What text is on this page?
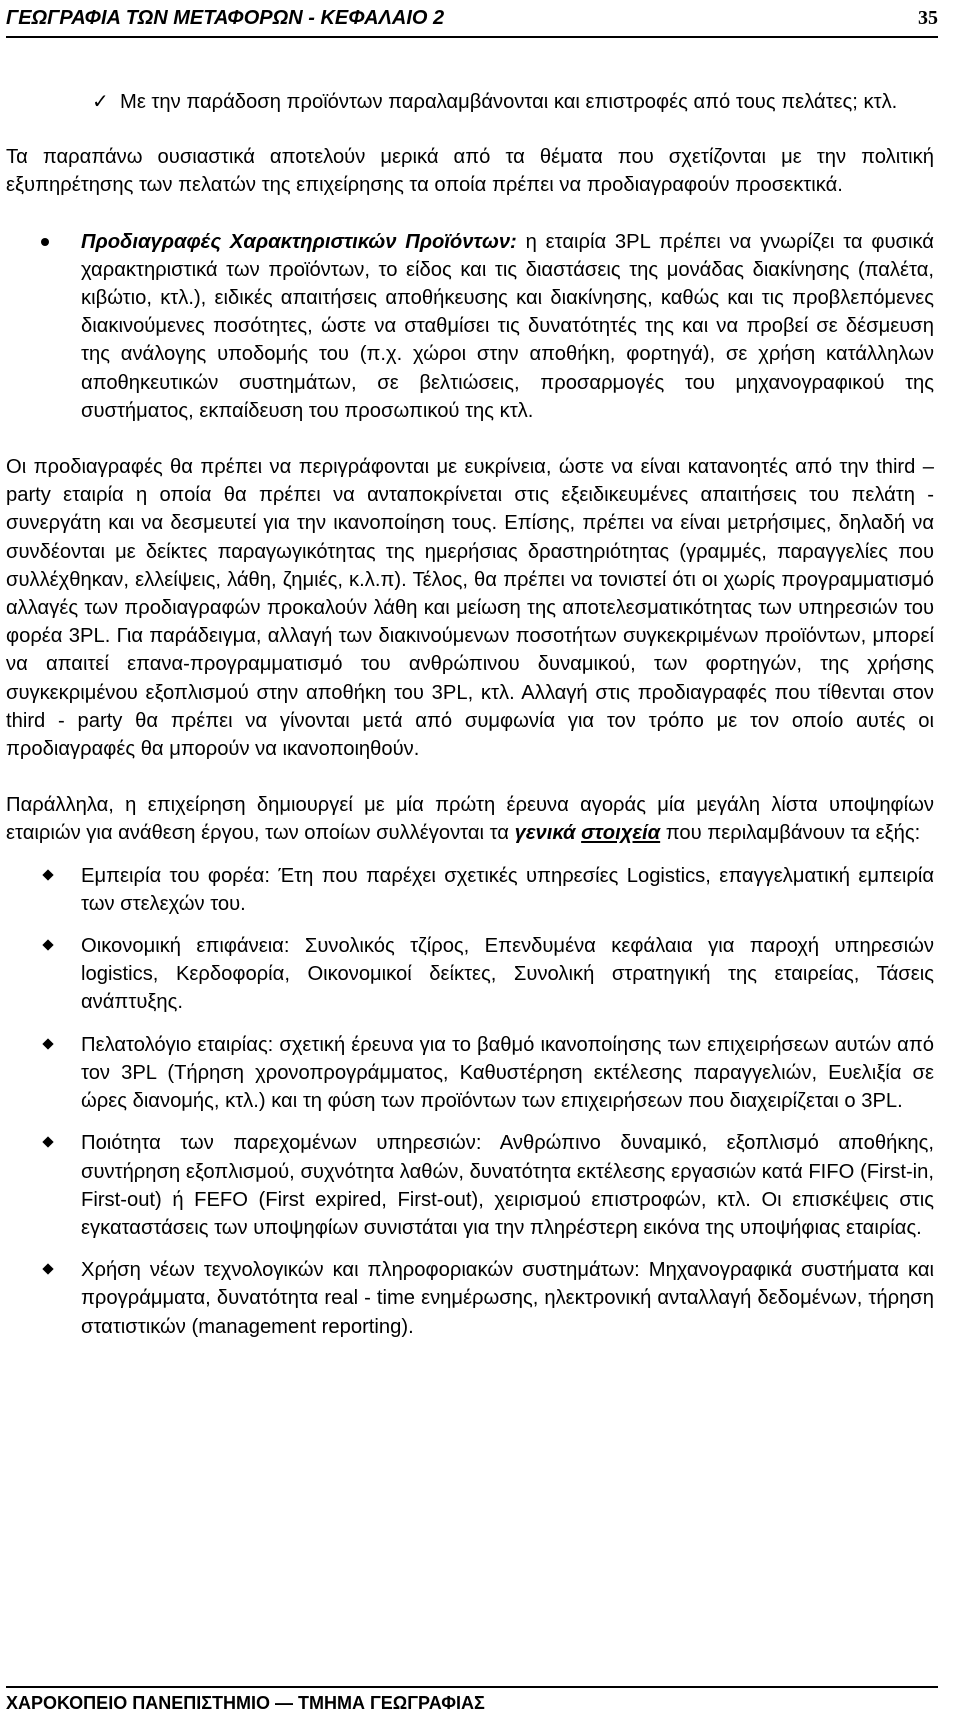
ΓΕΩΓΡΑΦΙΑ ΤΩΝ ΜΕΤΑΦΟΡΩΝ - ΚΕΦΑΛΑΙΟ 2	35

✓ Με την παράδοση προϊόντων παραλαμβάνονται και επιστροφές από τους πελάτες; κτλ.

Τα παραπάνω ουσιαστικά αποτελούν μερικά από τα θέματα που σχετίζονται με την πολιτική εξυπηρέτησης των πελατών της επιχείρησης τα οποία πρέπει να προδιαγραφούν προσεκτικά.

Προδιαγραφές Χαρακτηριστικών Προϊόντων: η εταιρία 3PL πρέπει να γνωρίζει τα φυσικά χαρακτηριστικά των προϊόντων, το είδος και τις διαστάσεις της μονάδας διακίνησης (παλέτα, κιβώτιο, κτλ.), ειδικές απαιτήσεις αποθήκευσης και διακίνησης, καθώς και τις προβλεπόμενες διακινούμενες ποσότητες, ώστε να σταθμίσει τις δυνατότητές της και να προβεί σε δέσμευση της ανάλογης υποδομής του (π.χ. χώροι στην αποθήκη, φορτηγά), σε χρήση κατάλληλων αποθηκευτικών συστημάτων, σε βελτιώσεις, προσαρμογές του μηχανογραφικού της συστήματος, εκπαίδευση του προσωπικού της κτλ.

Οι προδιαγραφές θα πρέπει να περιγράφονται με ευκρίνεια, ώστε να είναι κατανοητές από την third – party εταιρία η οποία θα πρέπει να ανταποκρίνεται στις εξειδικευμένες απαιτήσεις του πελάτη - συνεργάτη και να δεσμευτεί για την ικανοποίηση τους. Επίσης, πρέπει να είναι μετρήσιμες, δηλαδή να συνδέονται με δείκτες παραγωγικότητας της ημερήσιας δραστηριότητας (γραμμές, παραγγελίες που συλλέχθηκαν, ελλείψεις, λάθη, ζημιές, κ.λ.π). Τέλος, θα πρέπει να τονιστεί ότι οι χωρίς προγραμματισμό αλλαγές των προδιαγραφών προκαλούν λάθη και μείωση της αποτελεσματικότητας των υπηρεσιών του φορέα 3PL. Για παράδειγμα, αλλαγή των διακινούμενων ποσοτήτων συγκεκριμένων προϊόντων, μπορεί να απαιτεί επανα-προγραμματισμό του ανθρώπινου δυναμικού, των φορτηγών, της χρήσης συγκεκριμένου εξοπλισμού στην αποθήκη του 3PL, κτλ. Αλλαγή στις προδιαγραφές που τίθενται στον third - party θα πρέπει να γίνονται μετά από συμφωνία για τον τρόπο με τον οποίο αυτές οι προδιαγραφές θα μπορούν να ικανοποιηθούν.

Παράλληλα, η επιχείρηση δημιουργεί με μία πρώτη έρευνα αγοράς μία μεγάλη λίστα υποψηφίων εταιριών για ανάθεση έργου, των οποίων συλλέγονται τα γενικά στοιχεία που περιλαμβάνουν τα εξής:

Εμπειρία του φορέα: Έτη που παρέχει σχετικές υπηρεσίες Logistics, επαγγελματική εμπειρία των στελεχών του.
Οικονομική επιφάνεια: Συνολικός τζίρος, Επενδυμένα κεφάλαια για παροχή υπηρεσιών logistics, Κερδοφορία, Οικονομικοί δείκτες, Συνολική στρατηγική της εταιρείας, Τάσεις ανάπτυξης.
Πελατολόγιο εταιρίας: σχετική έρευνα για το βαθμό ικανοποίησης των επιχειρήσεων αυτών από τον 3PL (Τήρηση χρονοπρογράμματος, Καθυστέρηση εκτέλεσης παραγγελιών, Ευελιξία σε ώρες διανομής, κτλ.) και τη φύση των προϊόντων των επιχειρήσεων που διαχειρίζεται ο 3PL.
Ποιότητα των παρεχομένων υπηρεσιών: Ανθρώπινο δυναμικό, εξοπλισμό αποθήκης, συντήρηση εξοπλισμού, συχνότητα λαθών, δυνατότητα εκτέλεσης εργασιών κατά FIFO (First-in, First-out) ή FEFO (First expired, First-out), χειρισμού επιστροφών, κτλ. Οι επισκέψεις στις εγκαταστάσεις των υποψηφίων συνιστάται για την πληρέστερη εικόνα της υποψήφιας εταιρίας.
Χρήση νέων τεχνολογικών και πληροφοριακών συστημάτων: Μηχανογραφικά συστήματα και προγράμματα, δυνατότητα real - time ενημέρωσης, ηλεκτρονική ανταλλαγή δεδομένων, τήρηση στατιστικών (management reporting).
ΧΑΡΟΚΟΠΕΙΟ ΠΑΝΕΠΙΣΤΗΜΙΟ — ΤΜΗΜΑ ΓΕΩΓΡΑΦΙΑΣ
